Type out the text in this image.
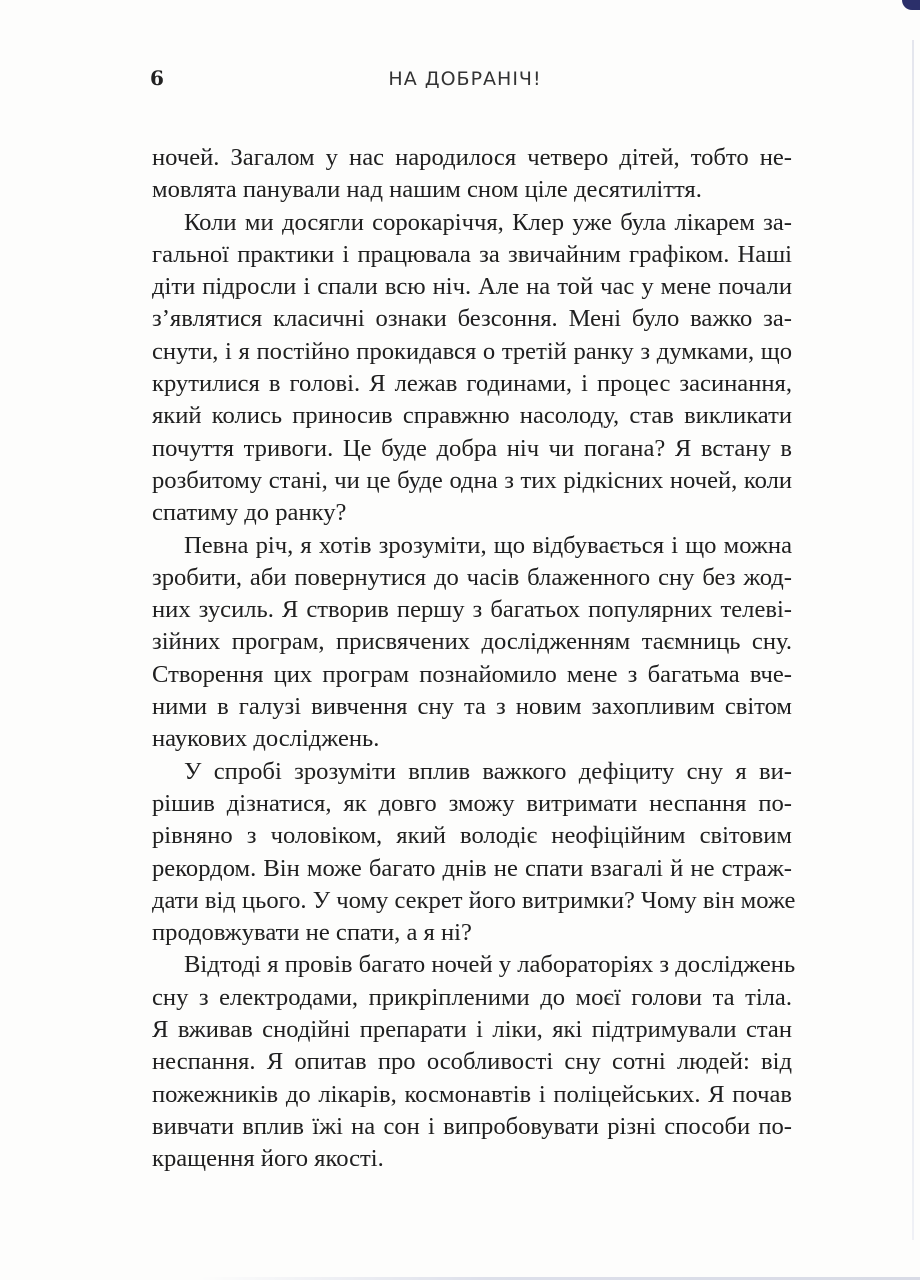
6	НА ДОБРАНІЧ!
ночей. Загалом у нас народилося четверо дітей, тобто не-
мовлята панували над нашим сном ціле десятиліття.
Коли ми досягли сорокаріччя, Клер уже була лікарем за-
гальної практики і працювала за звичайним графіком. Наші
діти підросли і спали всю ніч. Але на той час у мене почали
з’являтися класичні ознаки безсоння. Мені було важко за-
снути, і я постійно прокидався о третій ранку з думками, що
крутилися в голові. Я лежав годинами, і процес засинання,
який колись приносив справжню насолоду, став викликати
почуття тривоги. Це буде добра ніч чи погана? Я встану в
розбитому стані, чи це буде одна з тих рідкісних ночей, коли
спатиму до ранку?
Певна річ, я хотів зрозуміти, що відбувається і що можна
зробити, аби повернутися до часів блаженного сну без жод-
них зусиль. Я створив першу з багатьох популярних телеві-
зійних програм, присвячених дослідженням таємниць сну.
Створення цих програм познайомило мене з багатьма вче-
ними в галузі вивчення сну та з новим захопливим світом
наукових досліджень.
У спробі зрозуміти вплив важкого дефіциту сну я ви-
рішив дізнатися, як довго зможу витримати неспання по-
рівняно з чоловіком, який володіє неофіційним світовим
рекордом. Він може багато днів не спати взагалі й не страж-
дати від цього. У чому секрет його витримки? Чому він може
продовжувати не спати, а я ні?
Відтоді я провів багато ночей у лабораторіях з досліджень
сну з електродами, прикріпленими до моєї голови та тіла.
Я вживав снодійні препарати і ліки, які підтримували стан
неспання. Я опитав про особливості сну сотні людей: від
пожежників до лікарів, космонавтів і поліцейських. Я почав
вивчати вплив їжі на сон і випробовувати різні способи по-
кращення його якості.
